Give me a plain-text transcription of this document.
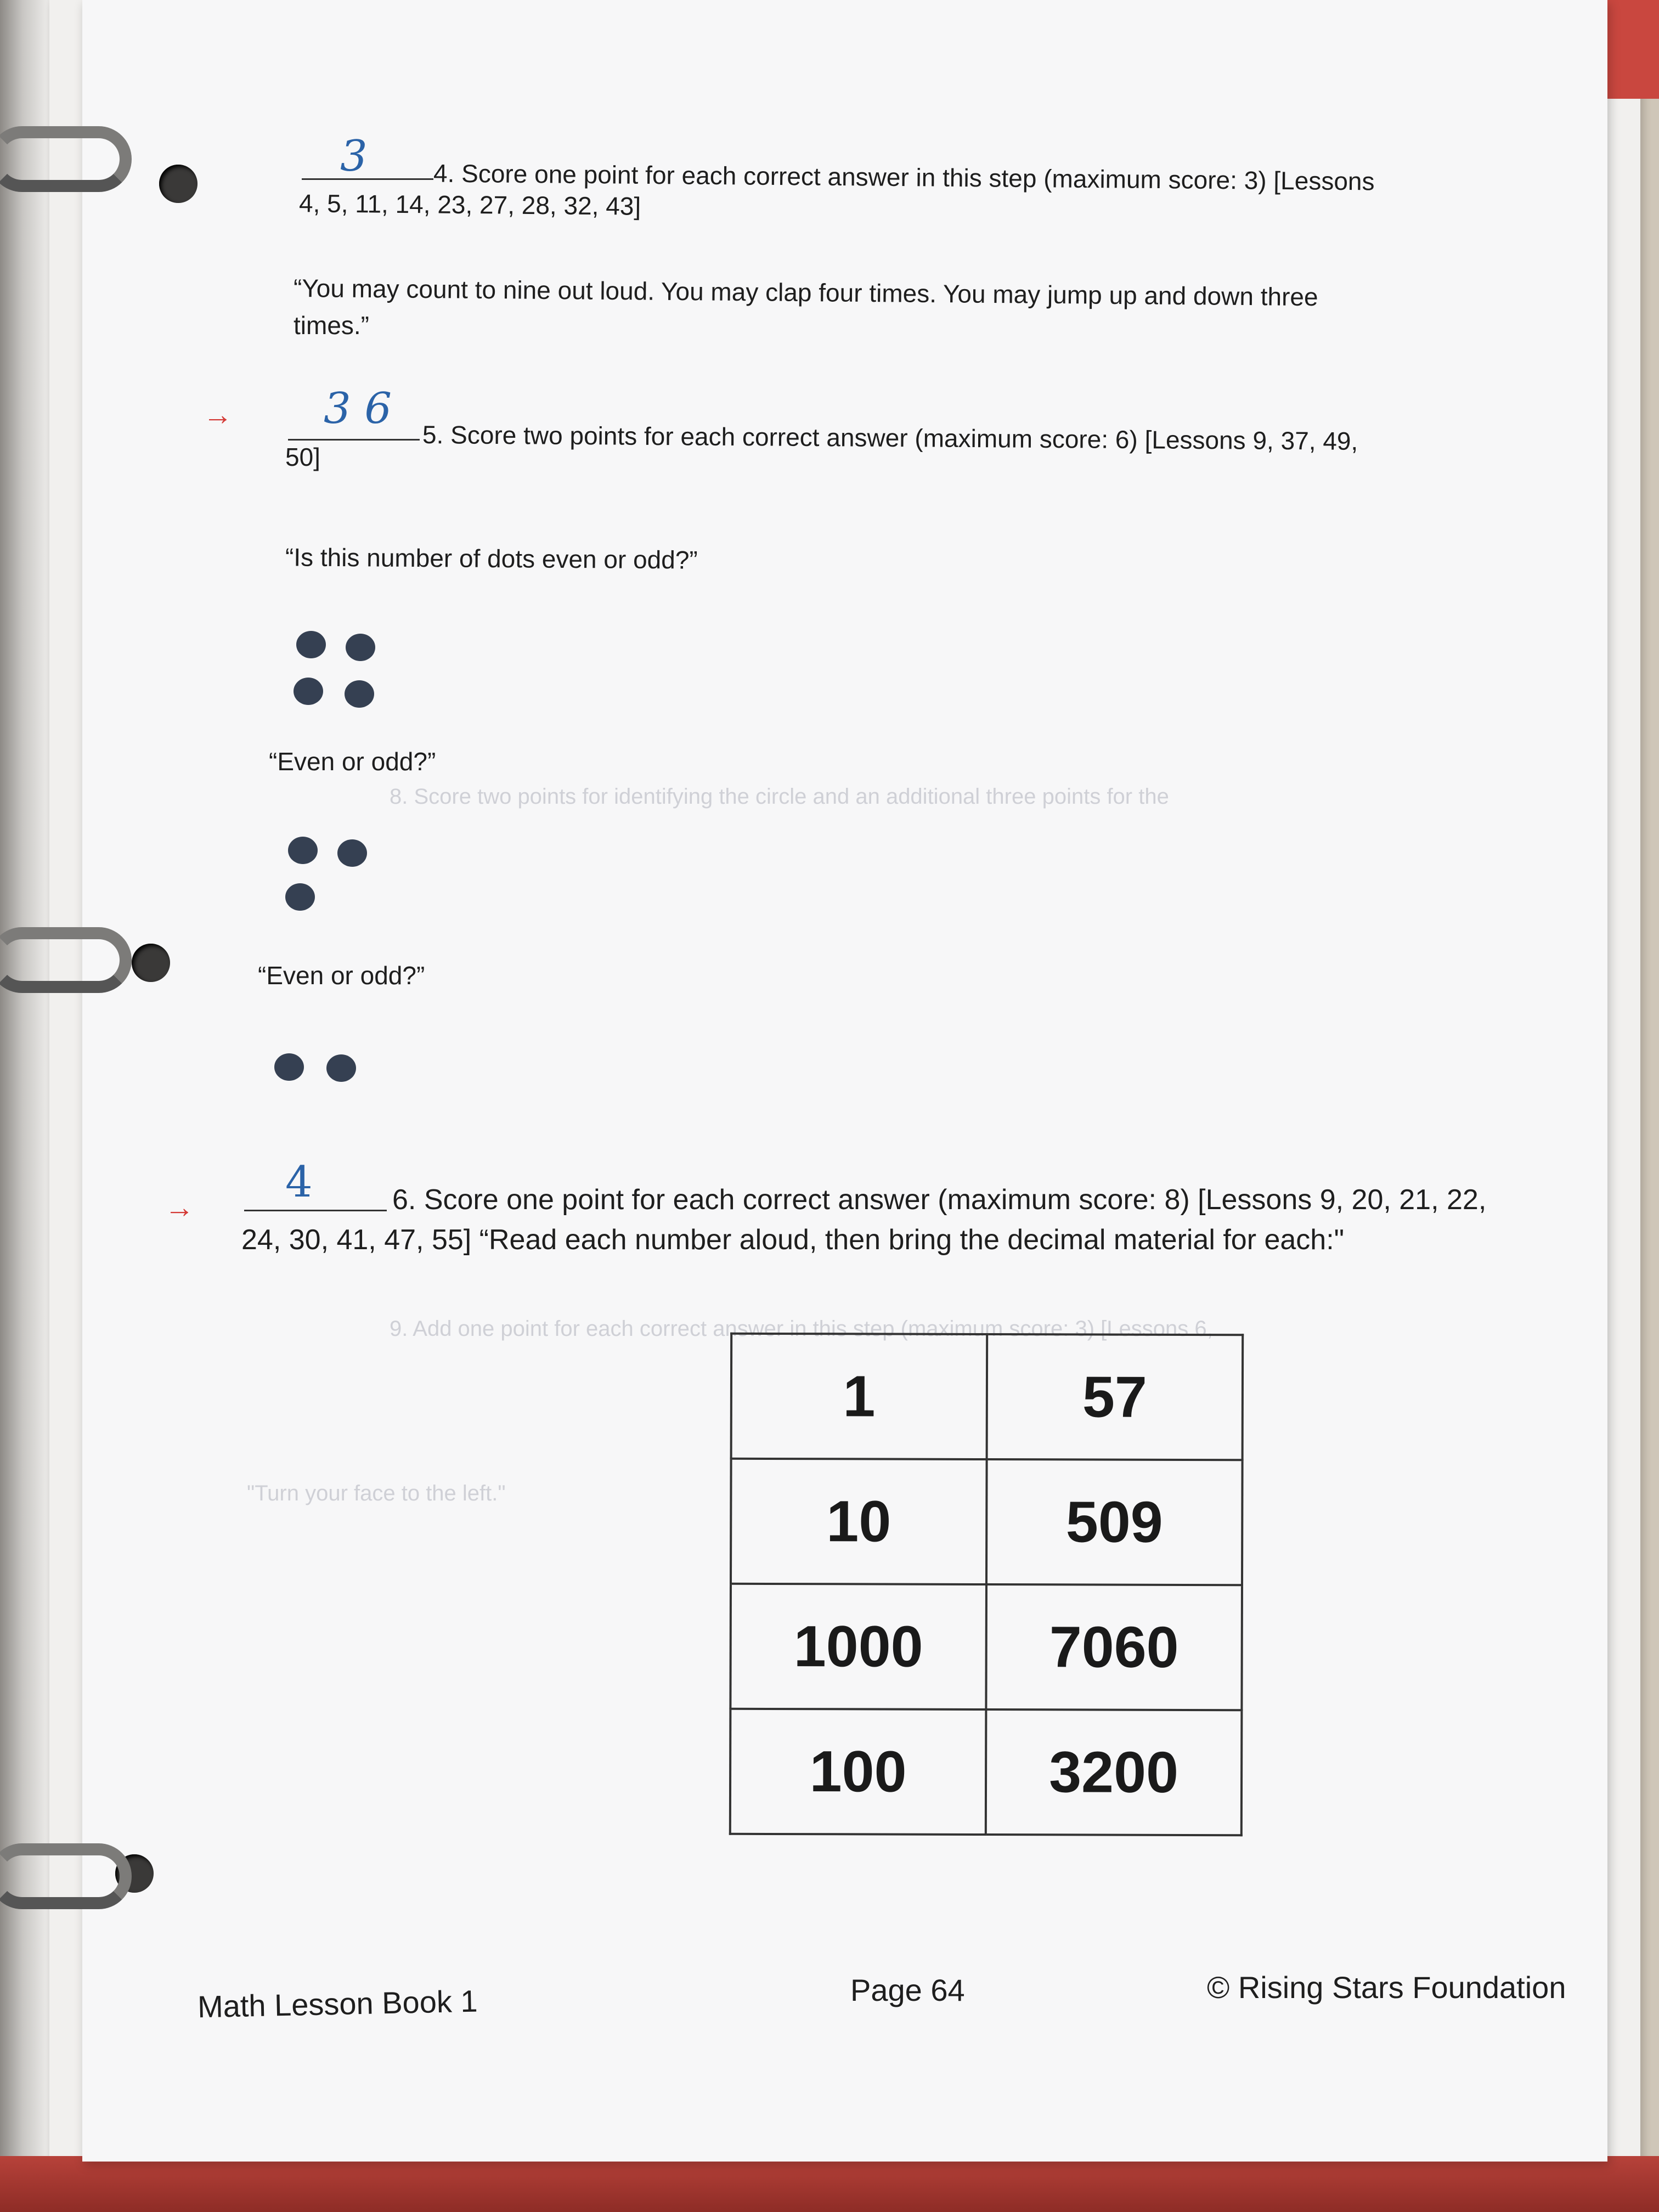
8. Score two points for identifying the circle and an additional three points for the
9. Add one point for each correct answer in this step (maximum score: 3) [Lessons 6,
"Turn your face to the left."
3	4. Score one point for each correct answer in this step (maximum score: 3) [Lessons
4, 5, 11, 14, 23, 27, 28, 32, 43]
“You may count to nine out loud. You may clap four times. You may jump up and down three
times.”
→ 3 6
5. Score two points for each correct answer (maximum score: 6) [Lessons 9, 37, 49,
50]
“Is this number of dots even or odd?”
“Even or odd?”
“Even or odd?”
→
4	6. Score one point for each correct answer (maximum score: 8) [Lessons 9, 20, 21, 22,
24, 30, 41, 47, 55] “Read each number aloud, then bring the decimal material for each:"
1	57
10	509
1000	7060
100	3200
Math Lesson Book 1	Page 64	© Rising Stars Foundation
